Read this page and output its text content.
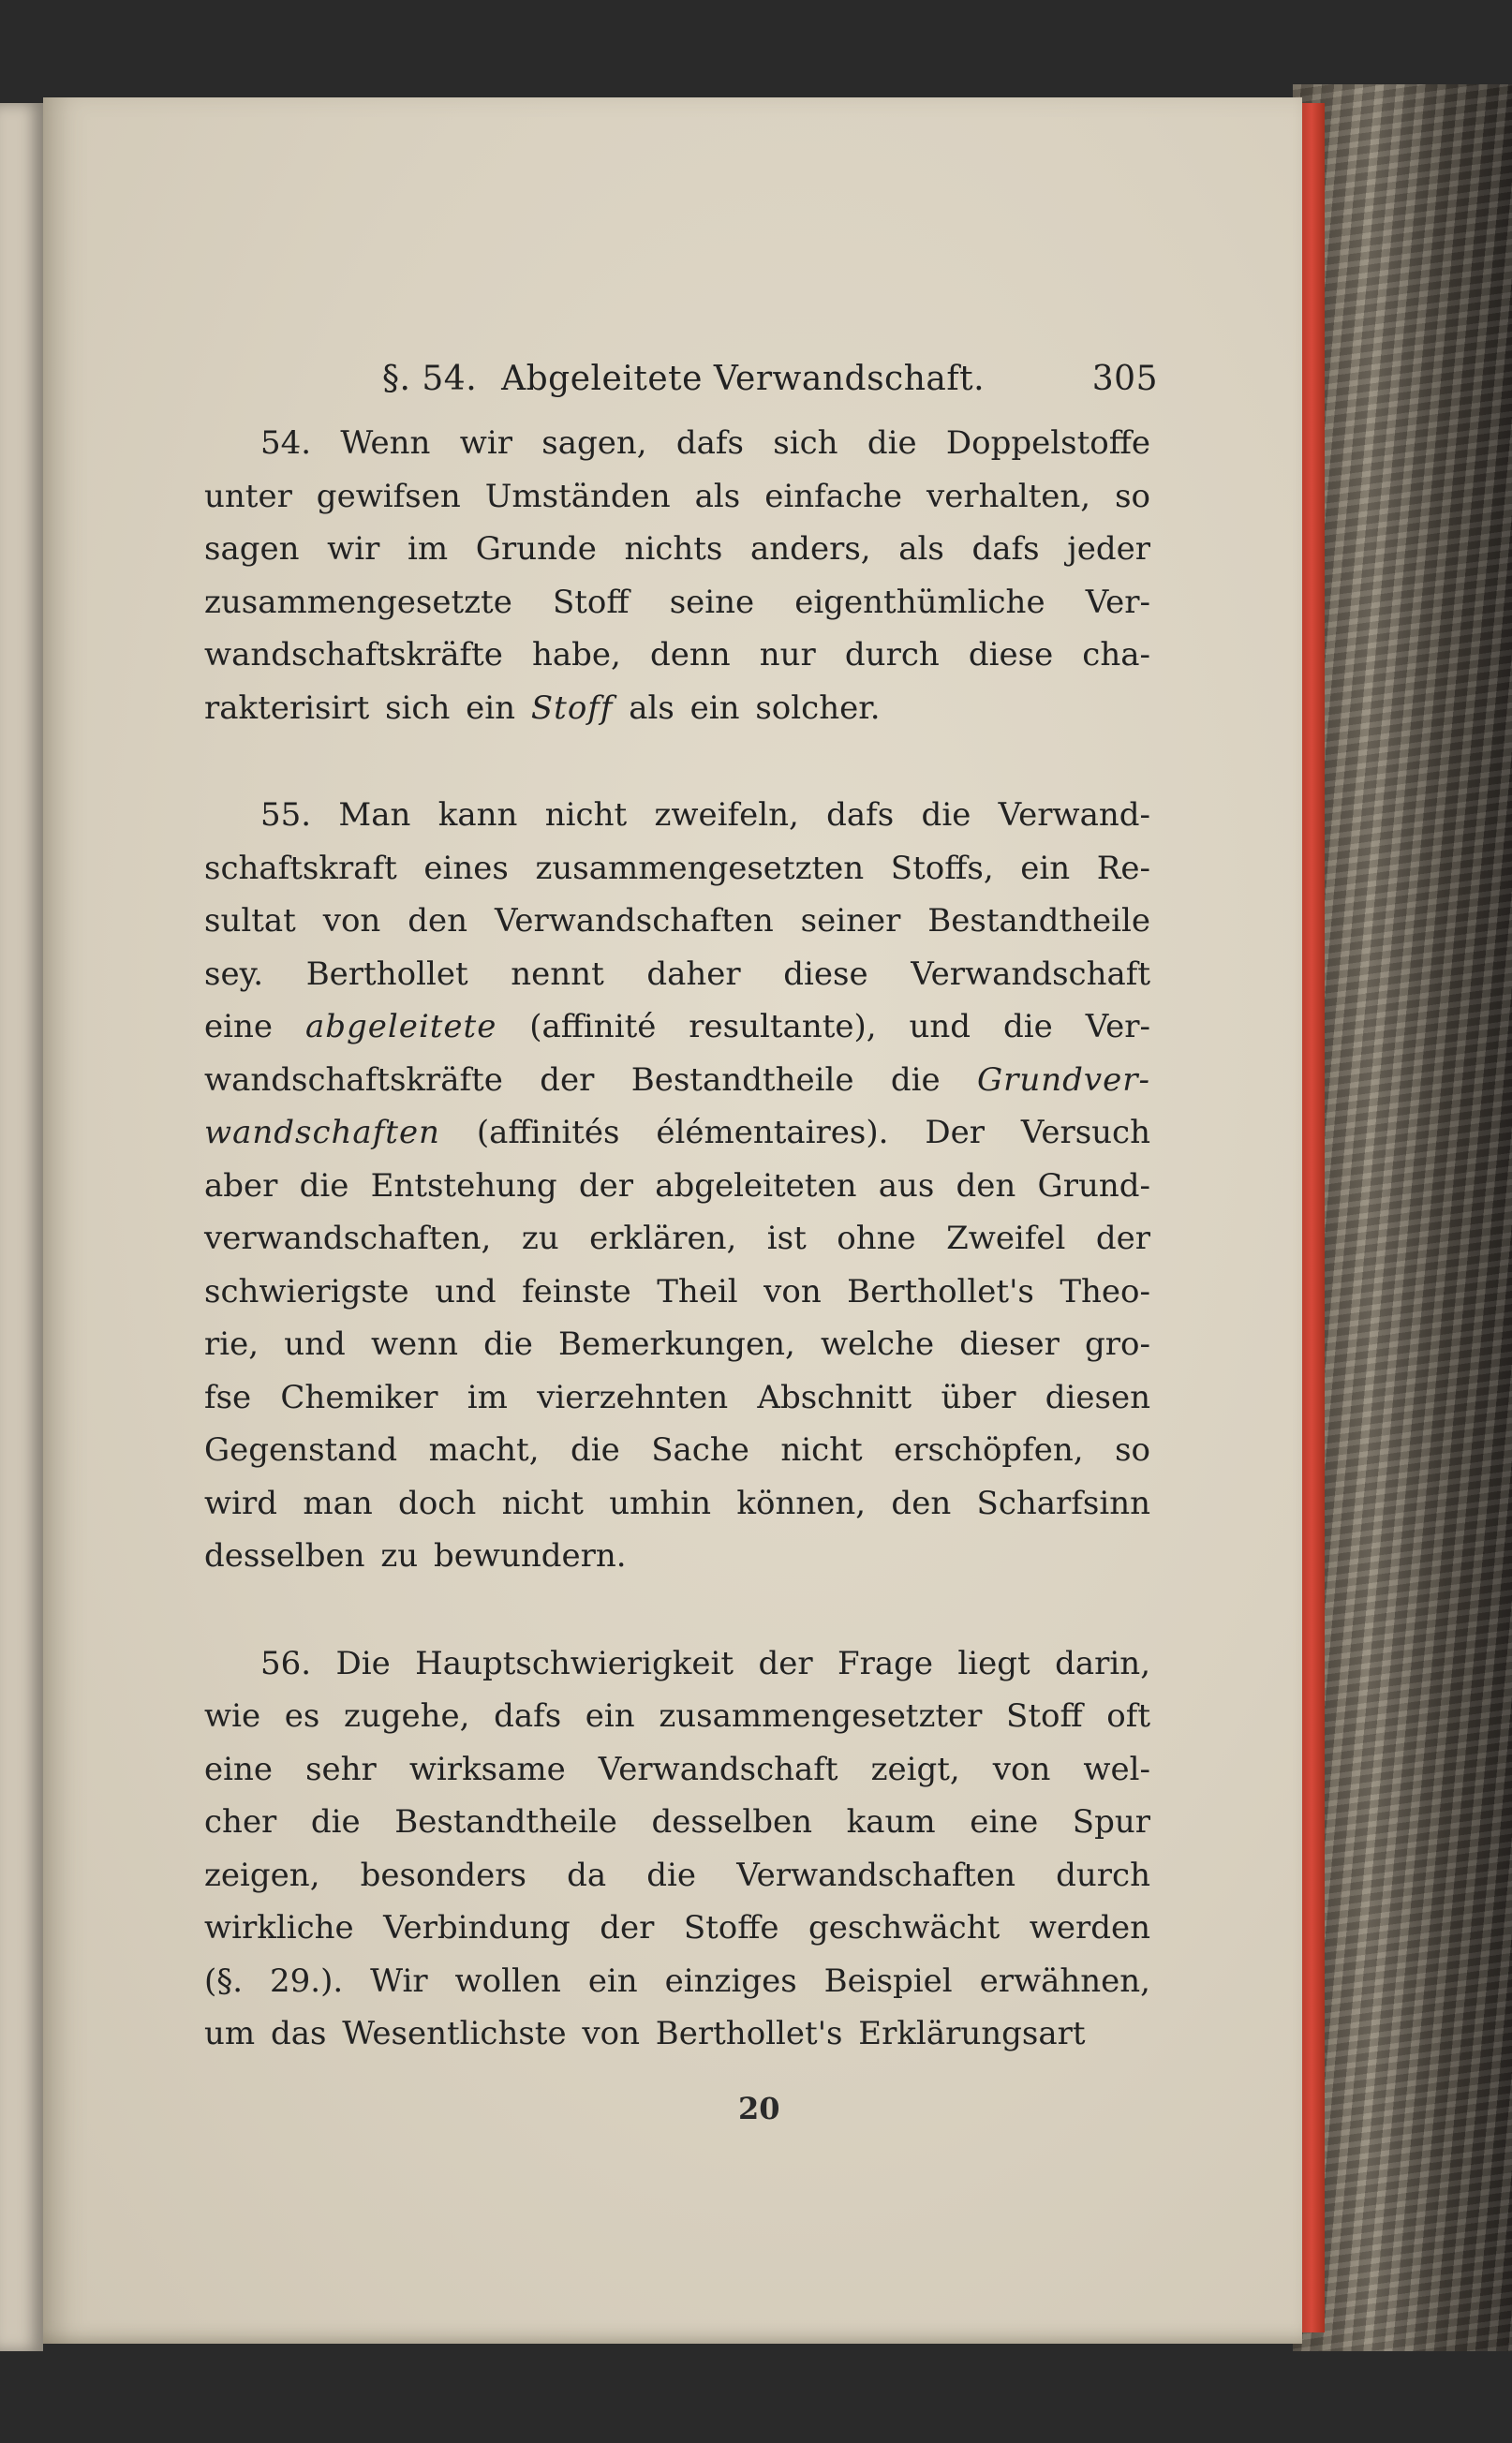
§. 54. Abgeleitete Verwandschaft.	305

54. Wenn wir sagen, dafs sich die Doppelstoffe
unter gewifsen Umständen als einfache verhalten, so
sagen wir im Grunde nichts anders, als dafs jeder
zusammengesetzte Stoff seine eigenthümliche Ver-
wandschaftskräfte habe, denn nur durch diese cha-
rakterisirt sich ein Stoff als ein solcher.

55. Man kann nicht zweifeln, dafs die Verwand-
schaftskraft eines zusammengesetzten Stoffs, ein Re-
sultat von den Verwandschaften seiner Bestandtheile
sey. Berthollet nennt daher diese Verwandschaft
eine abgeleitete (affinité resultante), und die Ver-
wandschaftskräfte der Bestandtheile die Grundver-
wandschaften (affinités élémentaires). Der Versuch
aber die Entstehung der abgeleiteten aus den Grund-
verwandschaften, zu erklären, ist ohne Zweifel der
schwierigste und feinste Theil von Berthollet's Theo-
rie, und wenn die Bemerkungen, welche dieser gro-
fse Chemiker im vierzehnten Abschnitt über diesen
Gegenstand macht, die Sache nicht erschöpfen, so
wird man doch nicht umhin können, den Scharfsinn
desselben zu bewundern.

56. Die Hauptschwierigkeit der Frage liegt darin,
wie es zugehe, dafs ein zusammengesetzter Stoff oft
eine sehr wirksame Verwandschaft zeigt, von wel-
cher die Bestandtheile desselben kaum eine Spur
zeigen, besonders da die Verwandschaften durch
wirkliche Verbindung der Stoffe geschwächt werden
(§. 29.). Wir wollen ein einziges Beispiel erwähnen,
um das Wesentlichste von Berthollet's Erklärungsart

20
